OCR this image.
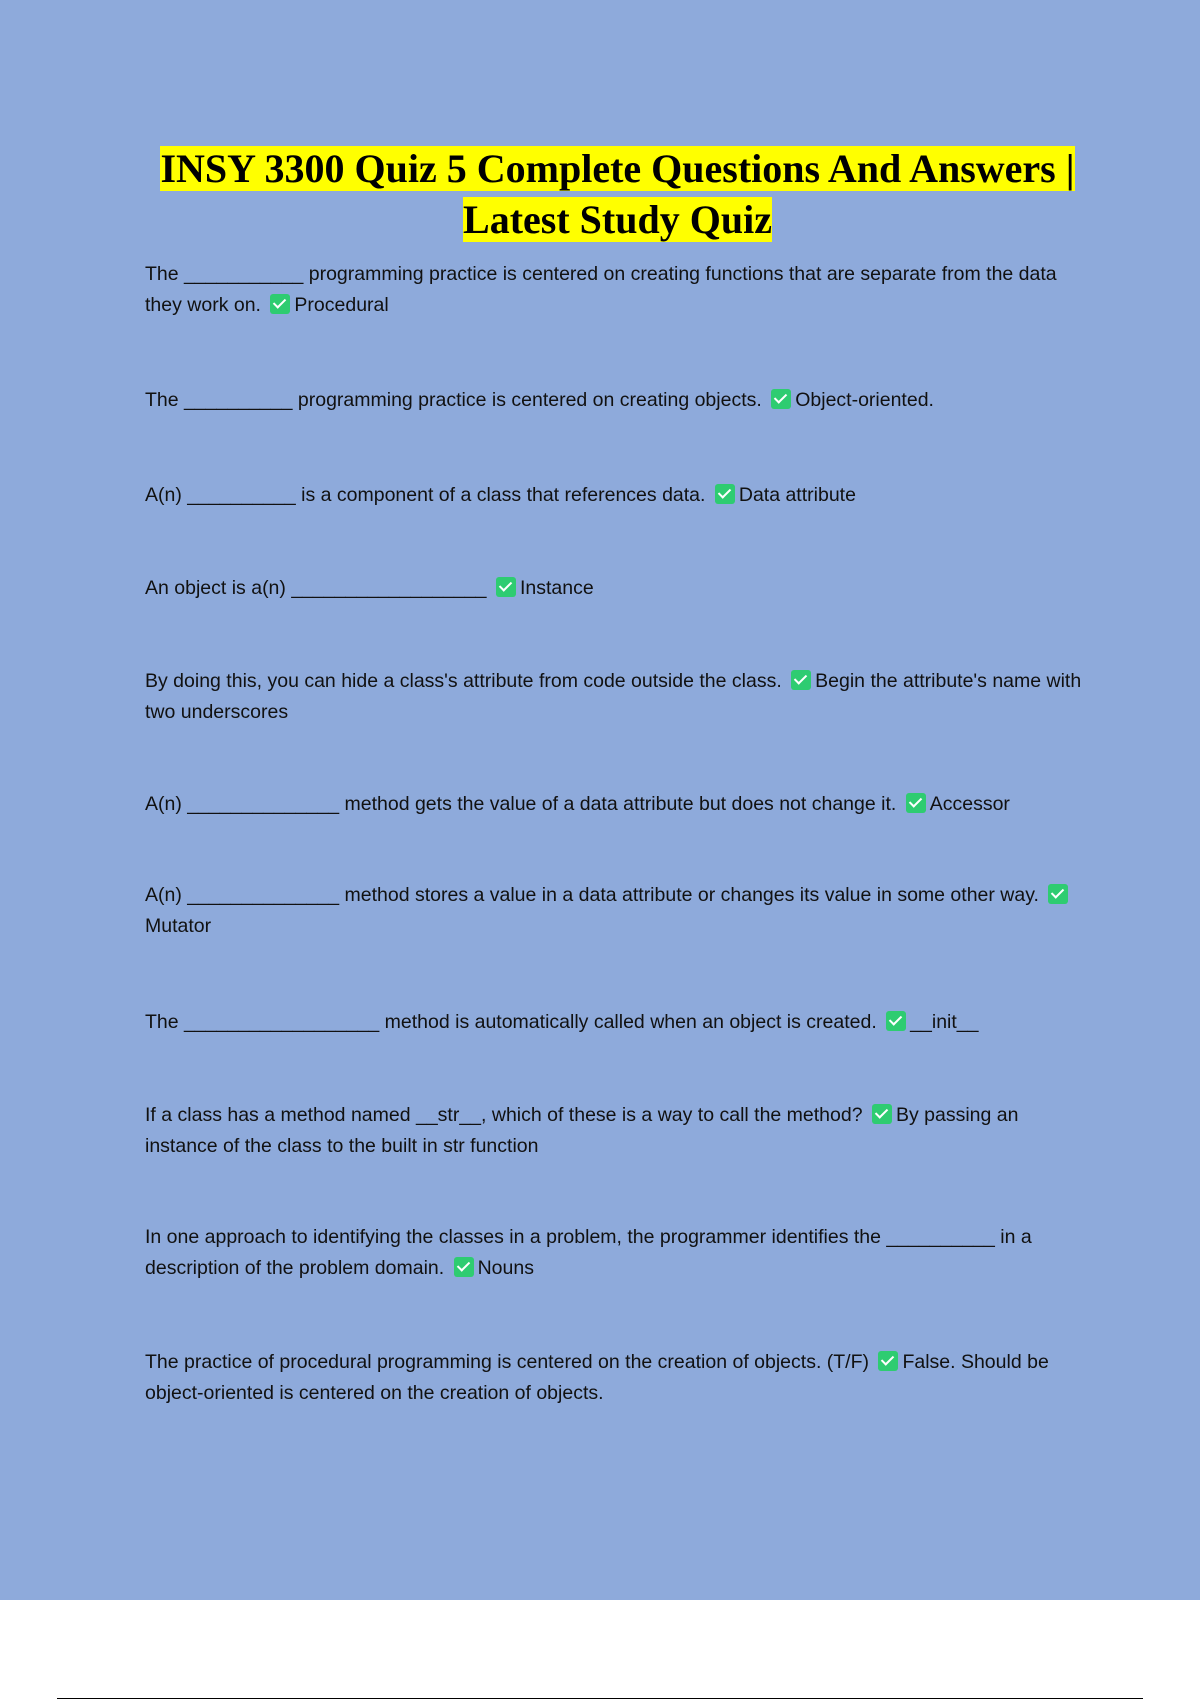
INSY 3300 Quiz 5 Complete Questions And Answers |
Latest Study Quiz

The ___________ programming practice is centered on creating functions that are separate from the data they work on. Procedural

The __________ programming practice is centered on creating objects. Object-oriented.

A(n) __________ is a component of a class that references data. Data attribute

An object is a(n) __________________ Instance

By doing this, you can hide a class's attribute from code outside the class. Begin the attribute's name with two underscores

A(n) ______________ method gets the value of a data attribute but does not change it. Accessor

A(n) ______________ method stores a value in a data attribute or changes its value in some other way. Mutator

The __________________ method is automatically called when an object is created. __init__

If a class has a method named __str__, which of these is a way to call the method? By passing an instance of the class to the built in str function

In one approach to identifying the classes in a problem, the programmer identifies the __________ in a description of the problem domain. Nouns

The practice of procedural programming is centered on the creation of objects. (T/F) False. Should be object-oriented is centered on the creation of objects.
